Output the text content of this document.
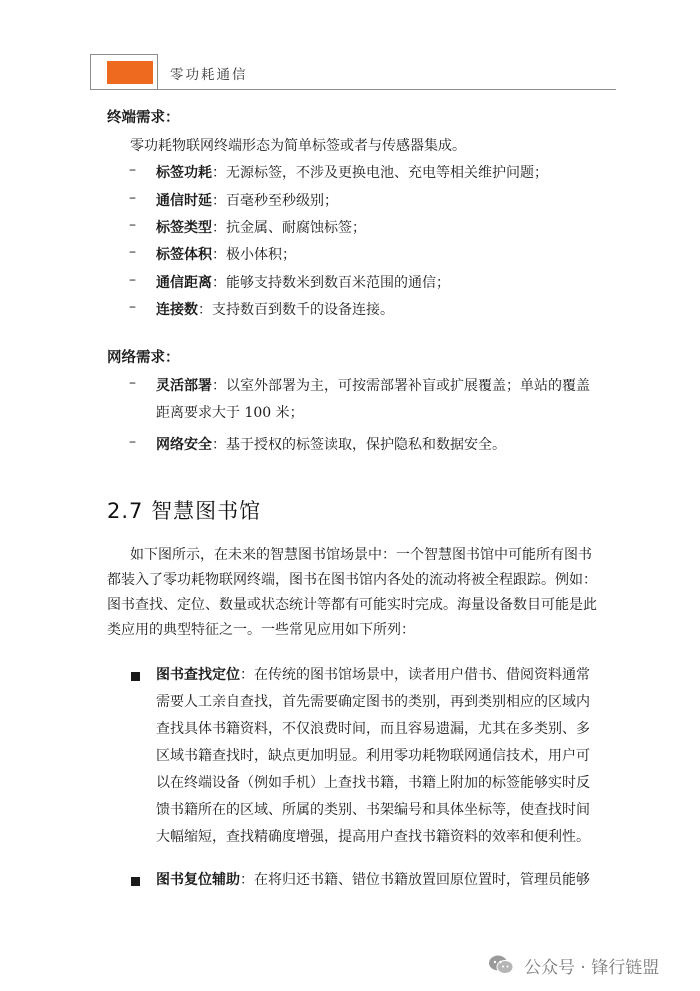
零功耗通信
终端需求：
零功耗物联网终端形态为简单标签或者与传感器集成。
– 标签功耗：无源标签，不涉及更换电池、充电等相关维护问题；
– 通信时延：百毫秒至秒级别；
– 标签类型：抗金属、耐腐蚀标签；
– 标签体积：极小体积；
– 通信距离：能够支持数米到数百米范围的通信；
– 连接数：支持数百到数千的设备连接。
网络需求：
– 灵活部署：以室外部署为主，可按需部署补盲或扩展覆盖；单站的覆盖
距离要求大于 100 米；
– 网络安全：基于授权的标签读取，保护隐私和数据安全。
2.7 智慧图书馆
如下图所示，在未来的智慧图书馆场景中：一个智慧图书馆中可能所有图书
都装入了零功耗物联网终端，图书在图书馆内各处的流动将被全程跟踪。例如：
图书查找、定位、数量或状态统计等都有可能实时完成。海量设备数目可能是此
类应用的典型特征之一。一些常见应用如下所列：
图书查找定位：在传统的图书馆场景中，读者用户借书、借阅资料通常
需要人工亲自查找，首先需要确定图书的类别，再到类别相应的区域内
查找具体书籍资料，不仅浪费时间，而且容易遗漏，尤其在多类别、多
区域书籍查找时，缺点更加明显。利用零功耗物联网通信技术，用户可
以在终端设备（例如手机）上查找书籍，书籍上附加的标签能够实时反
馈书籍所在的区域、所属的类别、书架编号和具体坐标等，使查找时间
大幅缩短，查找精确度增强，提高用户查找书籍资料的效率和便利性。
图书复位辅助：在将归还书籍、错位书籍放置回原位置时，管理员能够
公众号 · 锋行链盟
